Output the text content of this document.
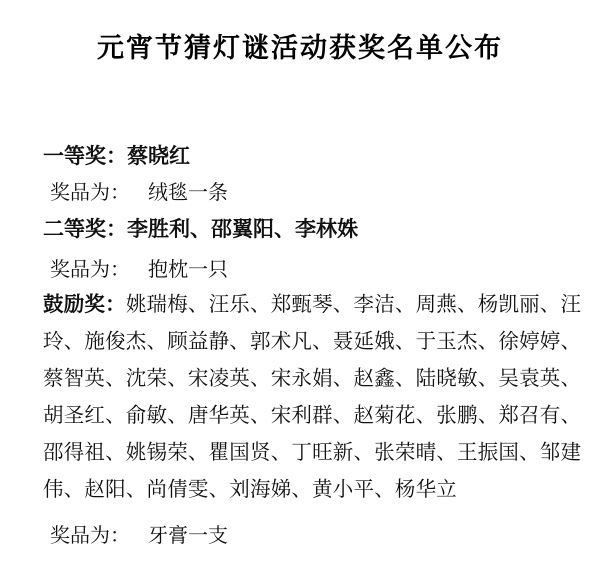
元宵节猜灯谜活动获奖名单公布
一等奖：蔡晓红
奖品为： 绒毯一条
二等奖：李胜利、邵翼阳、李林姝
奖品为： 抱枕一只
鼓励奖：姚瑞梅、汪乐、郑甄琴、李洁、周燕、杨凯丽、汪
玲、施俊杰、顾益静、郭术凡、聂延娥、于玉杰、徐婷婷、
蔡智英、沈荣、宋凌英、宋永娟、赵鑫、陆晓敏、吴袁英、
胡圣红、俞敏、唐华英、宋利群、赵菊花、张鹏、郑召有、
邵得祖、姚锡荣、瞿国贤、丁旺新、张荣晴、王振国、邹建
伟、赵阳、尚倩雯、刘海娣、黄小平、杨华立
奖品为： 牙膏一支
